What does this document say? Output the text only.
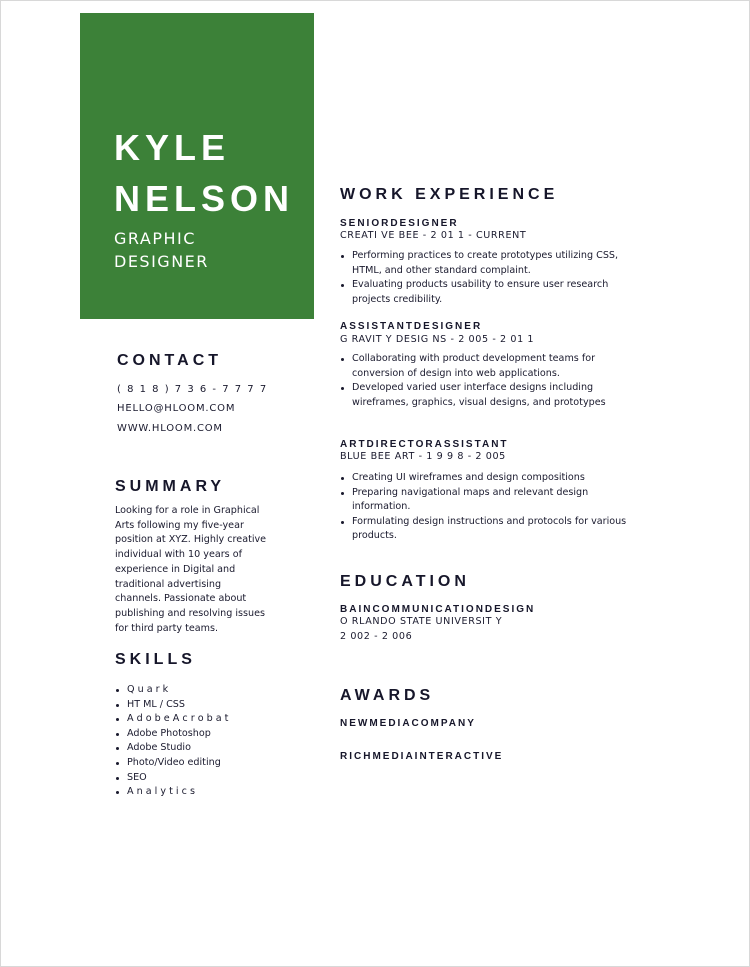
KYLE
NELSON
GRAPHIC
DESIGNER
CONTACT
( 8 1 8 ) 7 3 6 - 7 7 7 7
HELLO@HLOOM.COM
WWW.HLOOM.COM
SUMMARY
Looking for a role in Graphical
Arts following my five-year
position at XYZ. Highly creative
individual with 10 years of
experience in Digital and
traditional advertising
channels. Passionate about
publishing and resolving issues
for third party teams.
SKILLS
Q u a r k
HT ML / CSS
A d o b e A c r o b a t
Adobe Photoshop
Adobe Studio
Photo/Video editing
SEO
A n a l y t i c s
WORK EXPERIENCE
SENIORDESIGNER
CREATI VE BEE - 2 01 1 - CURRENT
Performing practices to create prototypes utilizing CSS,
HTML, and other standard complaint.
Evaluating products usability to ensure user research
projects credibility.
ASSISTANTDESIGNER
G RAVIT Y DESIG NS - 2 005 - 2 01 1
Collaborating with product development teams for
conversion of design into web applications.
Developed varied user interface designs including
wireframes, graphics, visual designs, and prototypes
ARTDIRECTORASSISTANT
BLUE BEE ART - 1 9 9 8 - 2 005
Creating UI wireframes and design compositions
Preparing navigational maps and relevant design
information.
Formulating design instructions and protocols for various
products.
EDUCATION
BAINCOMMUNICATIONDESIGN
O RLANDO STATE UNIVERSIT Y
2 002 - 2 006
AWARDS
NEWMEDIACOMPANY
RICHMEDIAINTERACTIVE
